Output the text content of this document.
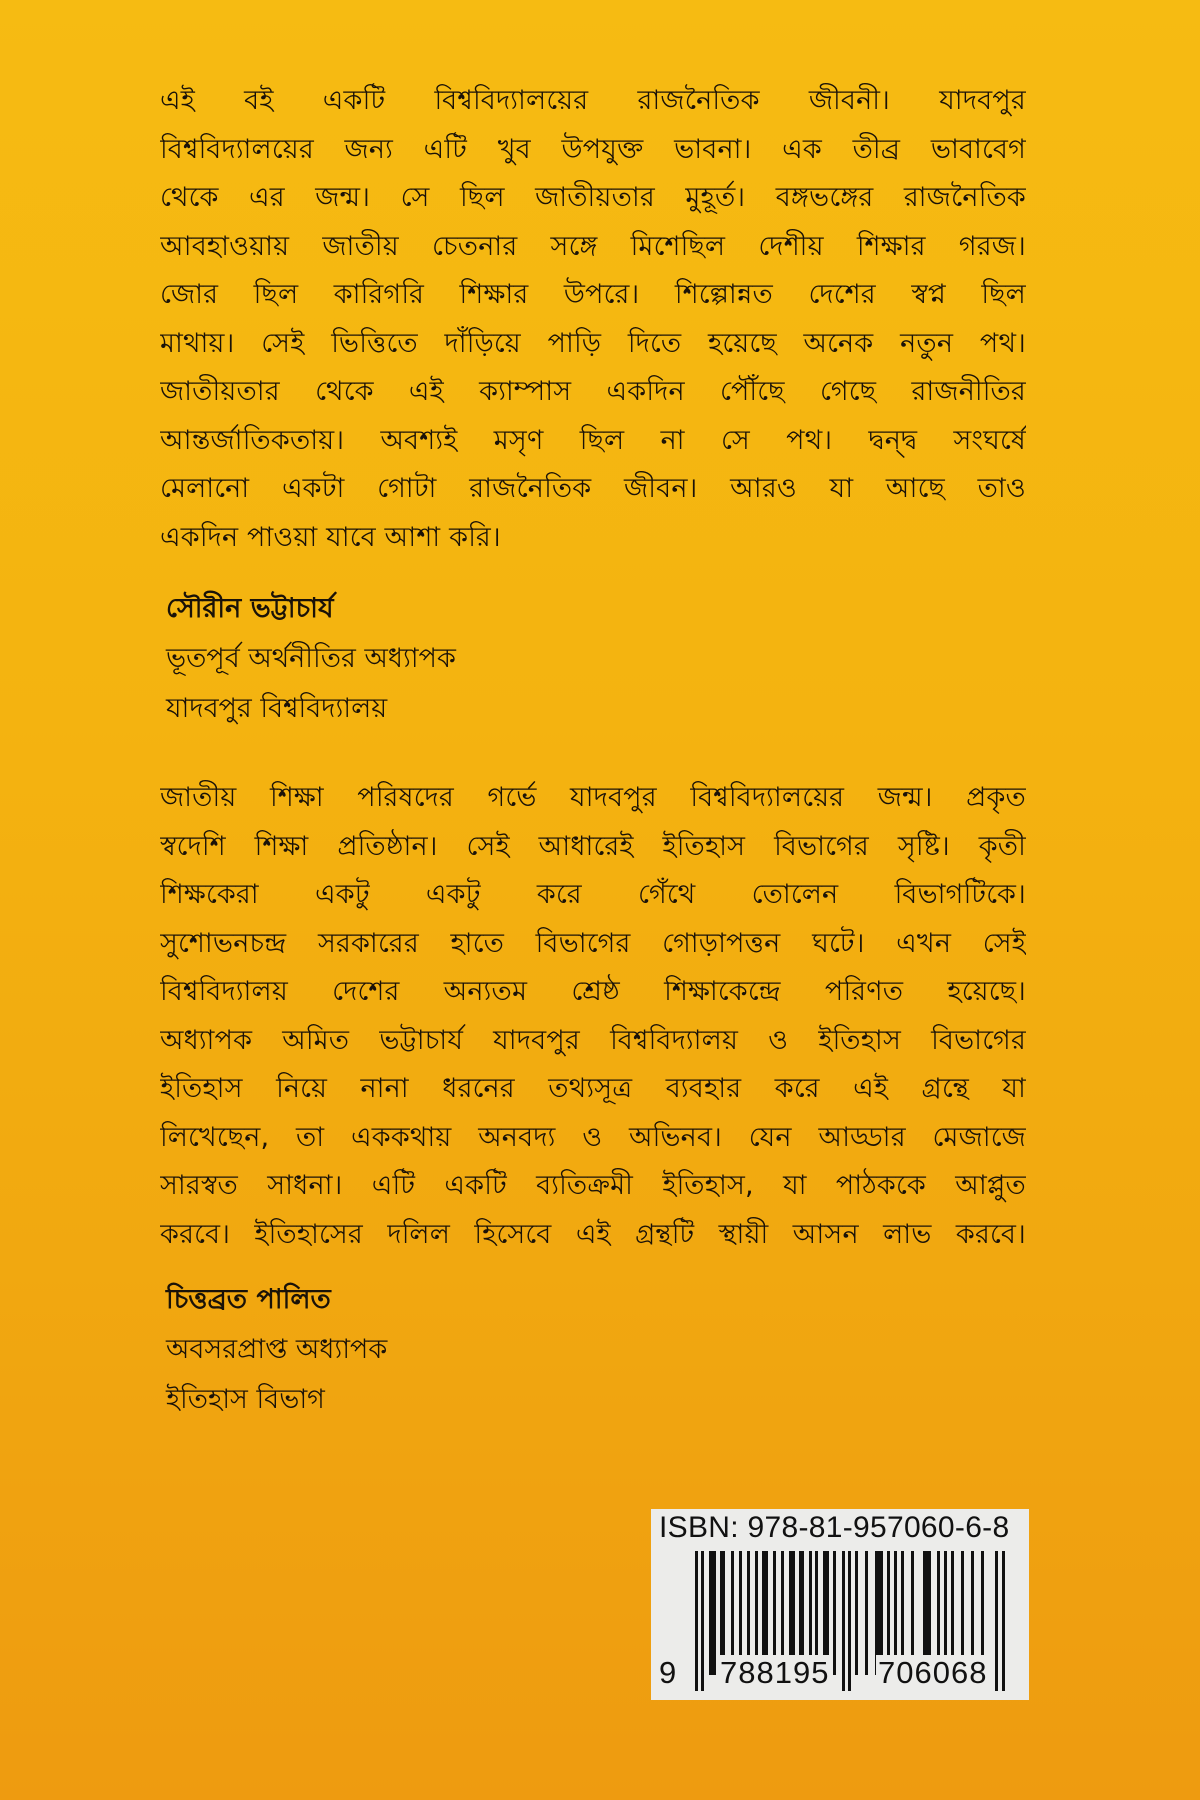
এই বই একটি বিশ্ববিদ্যালয়ের রাজনৈতিক জীবনী। যাদবপুর
বিশ্ববিদ্যালয়ের জন্য এটি খুব উপযুক্ত ভাবনা। এক তীব্র ভাবাবেগ
থেকে এর জন্ম। সে ছিল জাতীয়তার মুহূর্ত। বঙ্গভঙ্গের রাজনৈতিক
আবহাওয়ায় জাতীয় চেতনার সঙ্গে মিশেছিল দেশীয় শিক্ষার গরজ।
জোর ছিল কারিগরি শিক্ষার উপরে। শিল্পোন্নত দেশের স্বপ্ন ছিল
মাথায়। সেই ভিত্তিতে দাঁড়িয়ে পাড়ি দিতে হয়েছে অনেক নতুন পথ।
জাতীয়তার থেকে এই ক্যাম্পাস একদিন পৌঁছে গেছে রাজনীতির
আন্তর্জাতিকতায়। অবশ্যই মসৃণ ছিল না সে পথ। দ্বন্দ্ব সংঘর্ষে
মেলানো একটা গোটা রাজনৈতিক জীবন। আরও যা আছে তাও
একদিন পাওয়া যাবে আশা করি।
সৌরীন ভট্টাচার্য
ভূতপূর্ব অর্থনীতির অধ্যাপক
যাদবপুর বিশ্ববিদ্যালয়
জাতীয় শিক্ষা পরিষদের গর্ভে যাদবপুর বিশ্ববিদ্যালয়ের জন্ম। প্রকৃত
স্বদেশি শিক্ষা প্রতিষ্ঠান। সেই আধারেই ইতিহাস বিভাগের সৃষ্টি। কৃতী
শিক্ষকেরা একটু একটু করে গেঁথে তোলেন বিভাগটিকে।
সুশোভনচন্দ্র সরকারের হাতে বিভাগের গোড়াপত্তন ঘটে। এখন সেই
বিশ্ববিদ্যালয় দেশের অন্যতম শ্রেষ্ঠ শিক্ষাকেন্দ্রে পরিণত হয়েছে।
অধ্যাপক অমিত ভট্টাচার্য যাদবপুর বিশ্ববিদ্যালয় ও ইতিহাস বিভাগের
ইতিহাস নিয়ে নানা ধরনের তথ্যসূত্র ব্যবহার করে এই গ্রন্থে যা
লিখেছেন, তা এককথায় অনবদ্য ও অভিনব। যেন আড্ডার মেজাজে
সারস্বত সাধনা। এটি একটি ব্যতিক্রমী ইতিহাস, যা পাঠককে আপ্লুত
করবে। ইতিহাসের দলিল হিসেবে এই গ্রন্থটি স্থায়ী আসন লাভ করবে।
চিত্তব্রত পালিত
অবসরপ্রাপ্ত অধ্যাপক
ইতিহাস বিভাগ
ISBN: 978-81-957060-6-8
9 788195 706068
